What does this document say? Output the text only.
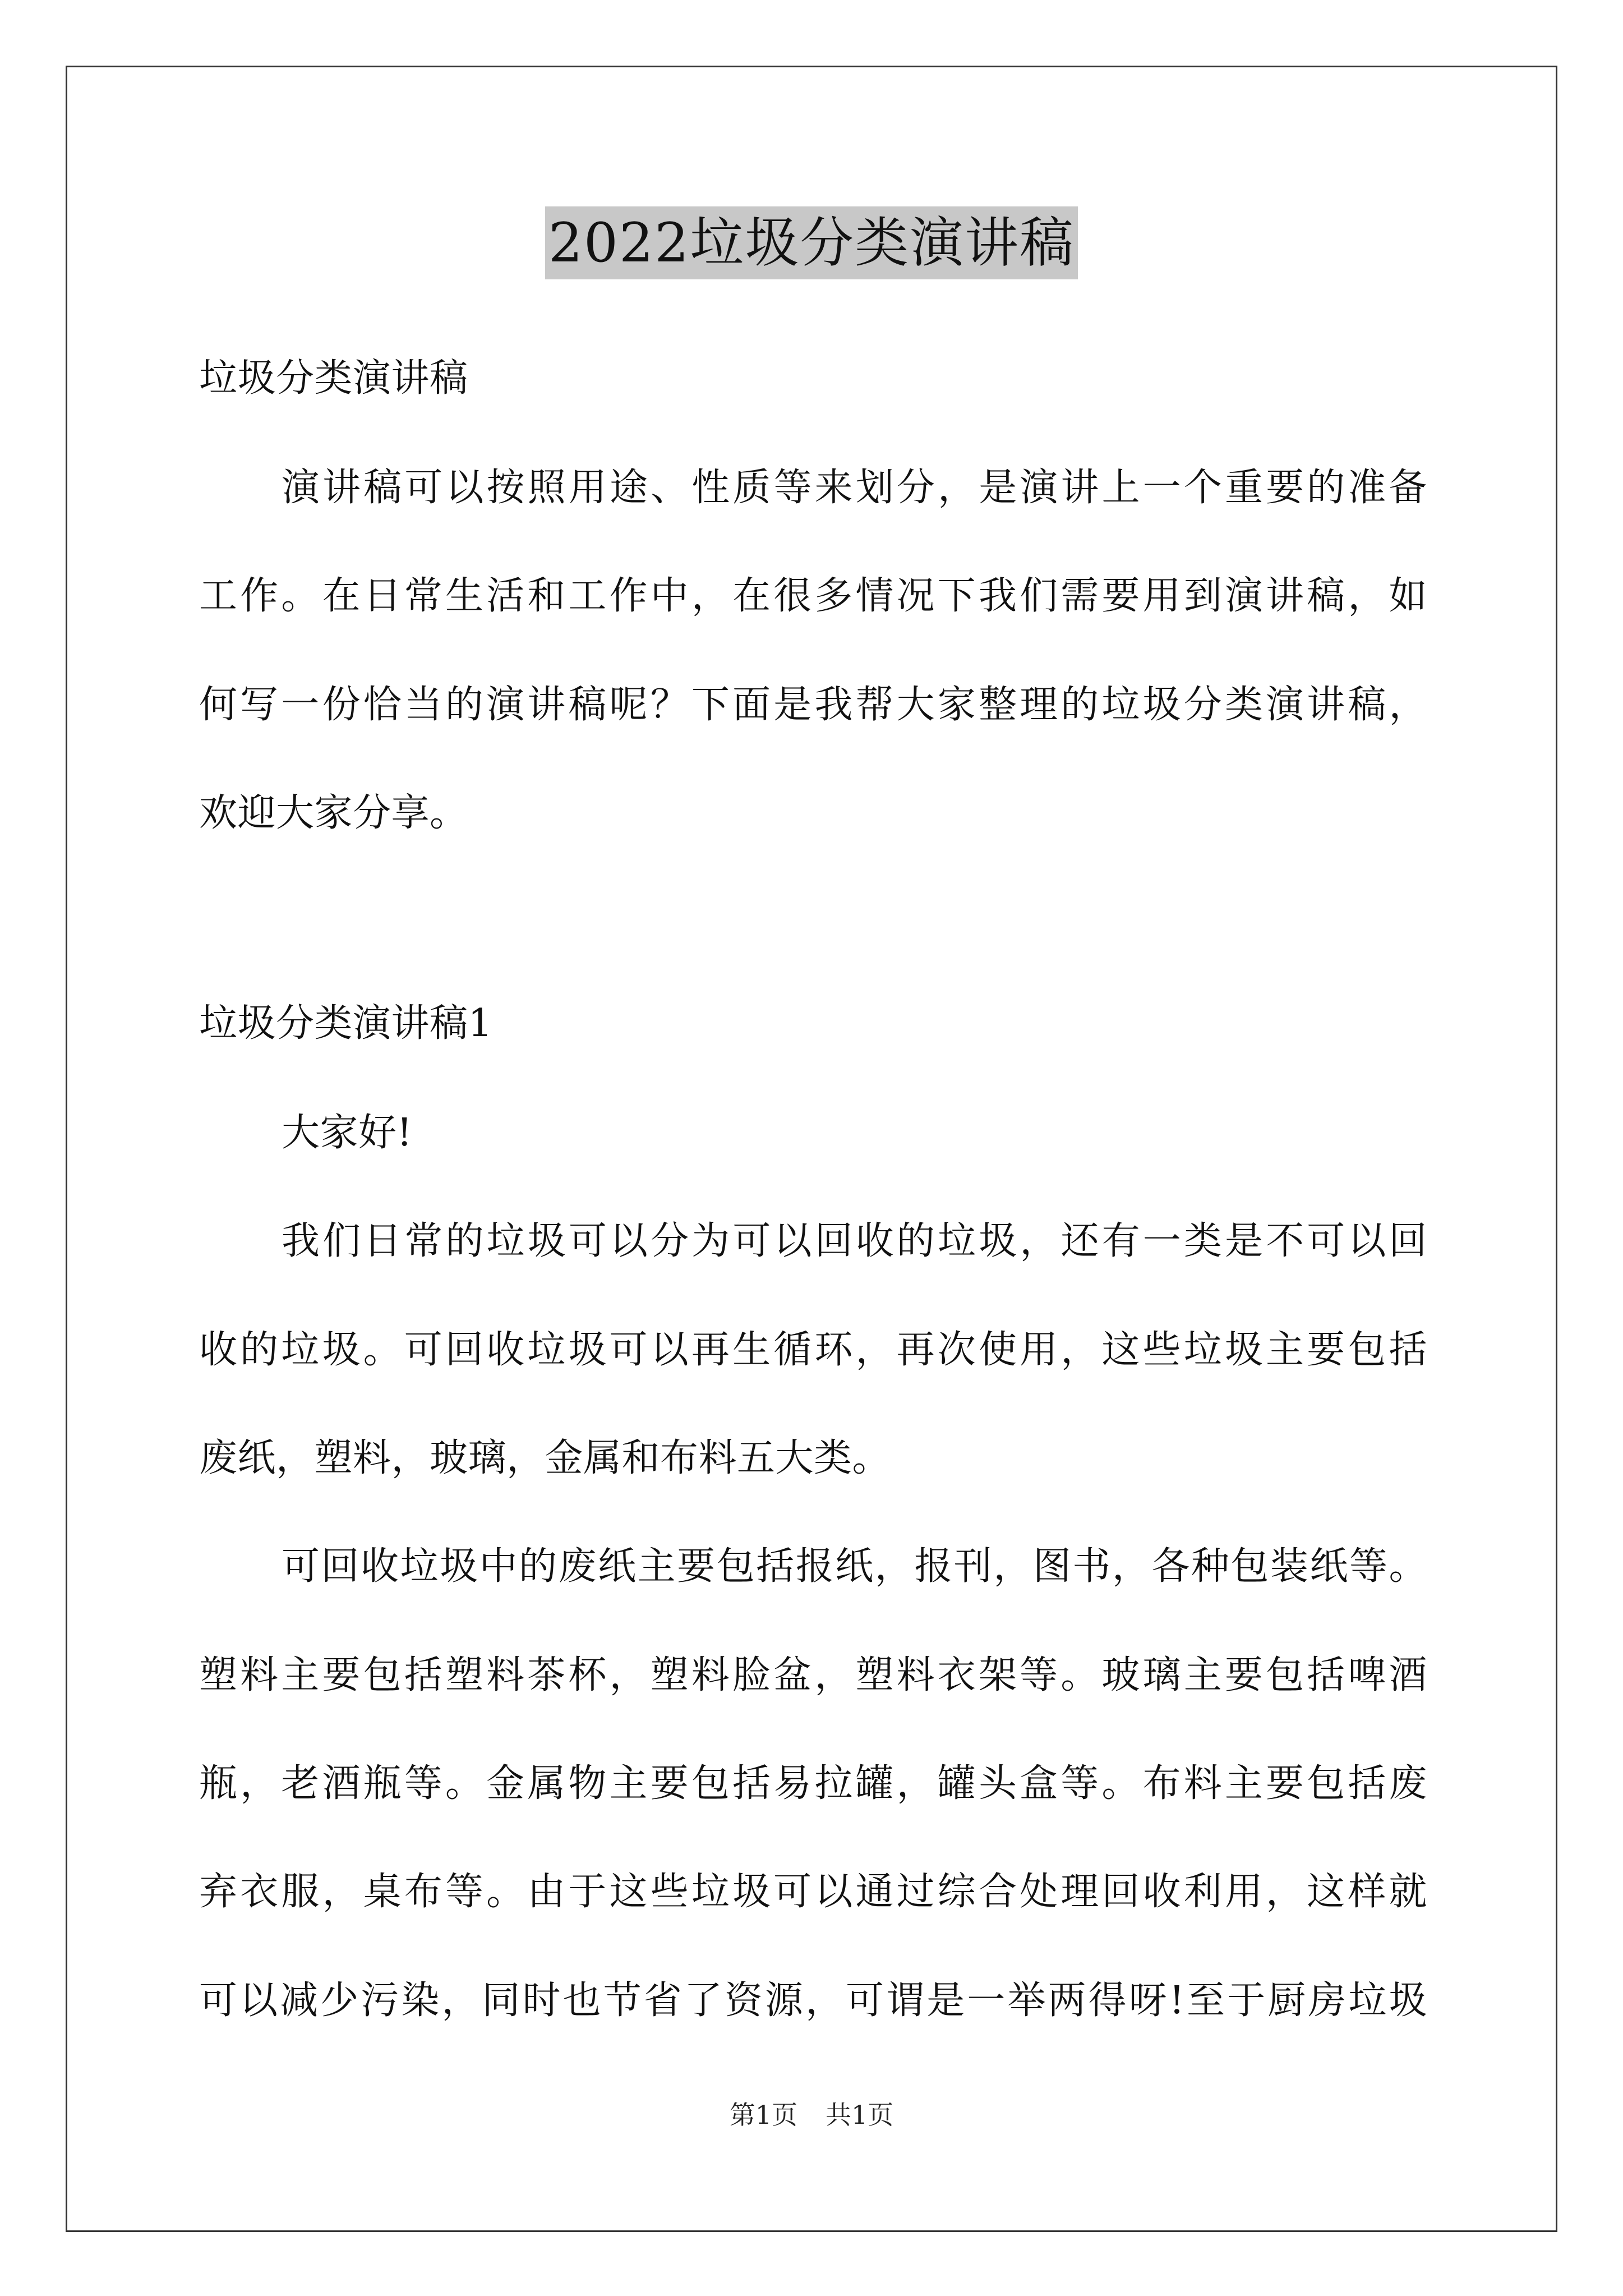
2022垃圾分类演讲稿
垃圾分类演讲稿
演讲稿可以按照用途、性质等来划分，是演讲上一个重要的准备
工作。在日常生活和工作中，在很多情况下我们需要用到演讲稿，如
何写一份恰当的演讲稿呢？下面是我帮大家整理的垃圾分类演讲稿，
欢迎大家分享。
垃圾分类演讲稿1
大家好!
我们日常的垃圾可以分为可以回收的垃圾，还有一类是不可以回
收的垃圾。可回收垃圾可以再生循环，再次使用，这些垃圾主要包括
废纸，塑料，玻璃，金属和布料五大类。
可回收垃圾中的废纸主要包括报纸，报刊，图书，各种包装纸等。
塑料主要包括塑料茶杯，塑料脸盆，塑料衣架等。玻璃主要包括啤酒
瓶，老酒瓶等。金属物主要包括易拉罐，罐头盒等。布料主要包括废
弃衣服，桌布等。由于这些垃圾可以通过综合处理回收利用，这样就
可以减少污染，同时也节省了资源，可谓是一举两得呀!至于厨房垃圾
第1页 共1页
